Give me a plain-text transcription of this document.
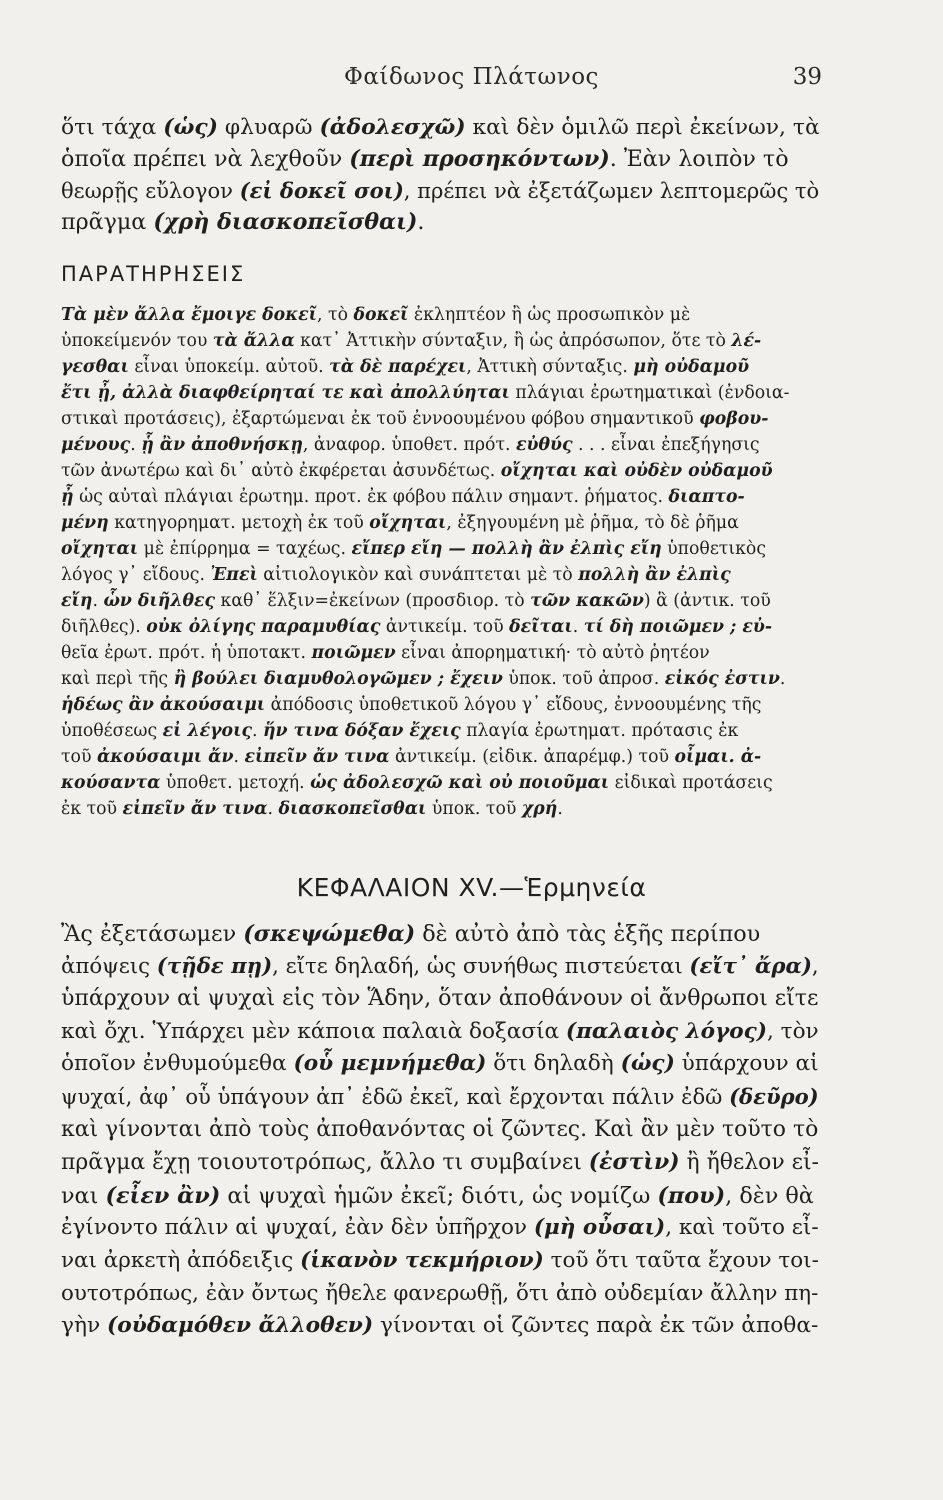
Φαίδωνος Πλάτωνος	39
ὅτι τάχα (ὡς) φλυαρῶ (ἀδολεσχῶ) καὶ δὲν ὁμιλῶ περὶ ἐκείνων, τὰ
ὁποῖα πρέπει νὰ λεχθοῦν (περὶ προσηκόντων). Ἐὰν λοιπὸν τὸ
θεωρῇς εὔλογον (εἰ δοκεῖ σοι), πρέπει νὰ ἐξετάζωμεν λεπτομερῶς τὸ
πρᾶγμα (χρὴ διασκοπεῖσθαι).
ΠΑΡΑΤΗΡΗΣΕΙΣ
Τὰ μὲν ἄλλα ἔμοιγε δοκεῖ, τὸ δοκεῖ ἐκληπτέον ἢ ὡς προσωπικὸν μὲ
ὑποκείμενόν του τὰ ἄλλα κατ᾽ Ἀττικὴν σύνταξιν, ἢ ὡς ἀπρόσωπον, ὅτε τὸ λέ-
γεσθαι εἶναι ὑποκείμ. αὐτοῦ. τὰ δὲ παρέχει, Ἀττικὴ σύνταξις. μὴ οὐδαμοῦ
ἔτι ᾖ, ἀλλὰ διαφθείρηταί τε καὶ ἀπολλύηται πλάγιαι ἐρωτηματικαὶ (ἐνδοια-
στικαὶ προτάσεις), ἐξαρτώμεναι ἐκ τοῦ ἐννοουμένου φόβου σημαντικοῦ φοβου-
μένους. ᾗ ἂν ἀποθνήσκῃ, ἀναφορ. ὑποθετ. πρότ. εὐθύς . . . εἶναι ἐπεξήγησις
τῶν ἀνωτέρω καὶ δι᾽ αὐτὸ ἐκφέρεται ἀσυνδέτως. οἴχηται καὶ οὐδὲν οὐδαμοῦ
ᾖ ὡς αὐταὶ πλάγιαι ἐρωτημ. προτ. ἐκ φόβου πάλιν σημαντ. ῥήματος. διαπτο-
μένη κατηγορηματ. μετοχὴ ἐκ τοῦ οἴχηται, ἐξηγουμένη μὲ ῥῆμα, τὸ δὲ ῥῆμα
οἴχηται μὲ ἐπίρρημα = ταχέως. εἴπερ εἴη — πολλὴ ἂν ἐλπὶς εἴη ὑποθετικὸς
λόγος γ᾽ εἴδους. Ἐπεὶ αἰτιολογικὸν καὶ συνάπτεται μὲ τὸ πολλὴ ἂν ἐλπὶς
εἴη. ὧν διῆλθες καθ᾽ ἕλξιν=ἐκείνων (προσδιορ. τὸ τῶν κακῶν) ἃ (ἀντικ. τοῦ
διῆλθες). οὐκ ὀλίγης παραμυθίας ἀντικείμ. τοῦ δεῖται. τί δὴ ποιῶμεν ; εὐ-
θεῖα ἐρωτ. πρότ. ἡ ὑποτακτ. ποιῶμεν εἶναι ἀπορηματική· τὸ αὐτὸ ῥητέον
καὶ περὶ τῆς ἢ βούλει διαμυθολογῶμεν ; ἔχειν ὑποκ. τοῦ ἀπροσ. εἰκός ἐστιν.
ἡδέως ἂν ἀκούσαιμι ἀπόδοσις ὑποθετικοῦ λόγου γ᾽ εἴδους, ἐννοουμένης τῆς
ὑποθέσεως εἰ λέγοις. ἥν τινα δόξαν ἔχεις πλαγία ἐρωτηματ. πρότασις ἐκ
τοῦ ἀκούσαιμι ἄν. εἰπεῖν ἄν τινα ἀντικείμ. (εἰδικ. ἀπαρέμφ.) τοῦ οἶμαι. ἀ-
κούσαντα ὑποθετ. μετοχή. ὡς ἀδολεσχῶ καὶ οὐ ποιοῦμαι εἰδικαὶ προτάσεις
ἐκ τοῦ εἰπεῖν ἄν τινα. διασκοπεῖσθαι ὑποκ. τοῦ χρή.
ΚΕΦΑΛΑΙΟΝ XV.—Ἑρμηνεία
Ἂς ἐξετάσωμεν (σκεψώμεθα) δὲ αὐτὸ ἀπὸ τὰς ἑξῆς περίπου
ἀπόψεις (τῇδε πῃ), εἴτε δηλαδή, ὡς συνήθως πιστεύεται (εἴτ᾽ ἄρα),
ὑπάρχουν αἱ ψυχαὶ εἰς τὸν Ἅδην, ὅταν ἀποθάνουν οἱ ἄνθρωποι εἴτε
καὶ ὄχι. Ὑπάρχει μὲν κάποια παλαιὰ δοξασία (παλαιὸς λόγος), τὸν
ὁποῖον ἐνθυμούμεθα (οὗ μεμνήμεθα) ὅτι δηλαδὴ (ὡς) ὑπάρχουν αἱ
ψυχαί, ἀφ᾽ οὗ ὑπάγουν ἀπ᾽ ἐδῶ ἐκεῖ, καὶ ἔρχονται πάλιν ἐδῶ (δεῦρο)
καὶ γίνονται ἀπὸ τοὺς ἀποθανόντας οἱ ζῶντες. Καὶ ἂν μὲν τοῦτο τὸ
πρᾶγμα ἔχῃ τοιουτοτρόπως, ἄλλο τι συμβαίνει (ἐστὶν) ἢ ἤθελον εἶ-
ναι (εἶεν ἂν) αἱ ψυχαὶ ἡμῶν ἐκεῖ; διότι, ὡς νομίζω (που), δὲν θὰ
ἐγίνοντο πάλιν αἱ ψυχαί, ἐὰν δὲν ὑπῆρχον (μὴ οὖσαι), καὶ τοῦτο εἶ-
ναι ἀρκετὴ ἀπόδειξις (ἱκανὸν τεκμήριον) τοῦ ὅτι ταῦτα ἔχουν τοι-
ουτοτρόπως, ἐὰν ὄντως ἤθελε φανερωθῇ, ὅτι ἀπὸ οὐδεμίαν ἄλλην πη-
γὴν (οὐδαμόθεν ἄλλοθεν) γίνονται οἱ ζῶντες παρὰ ἐκ τῶν ἀποθα-
